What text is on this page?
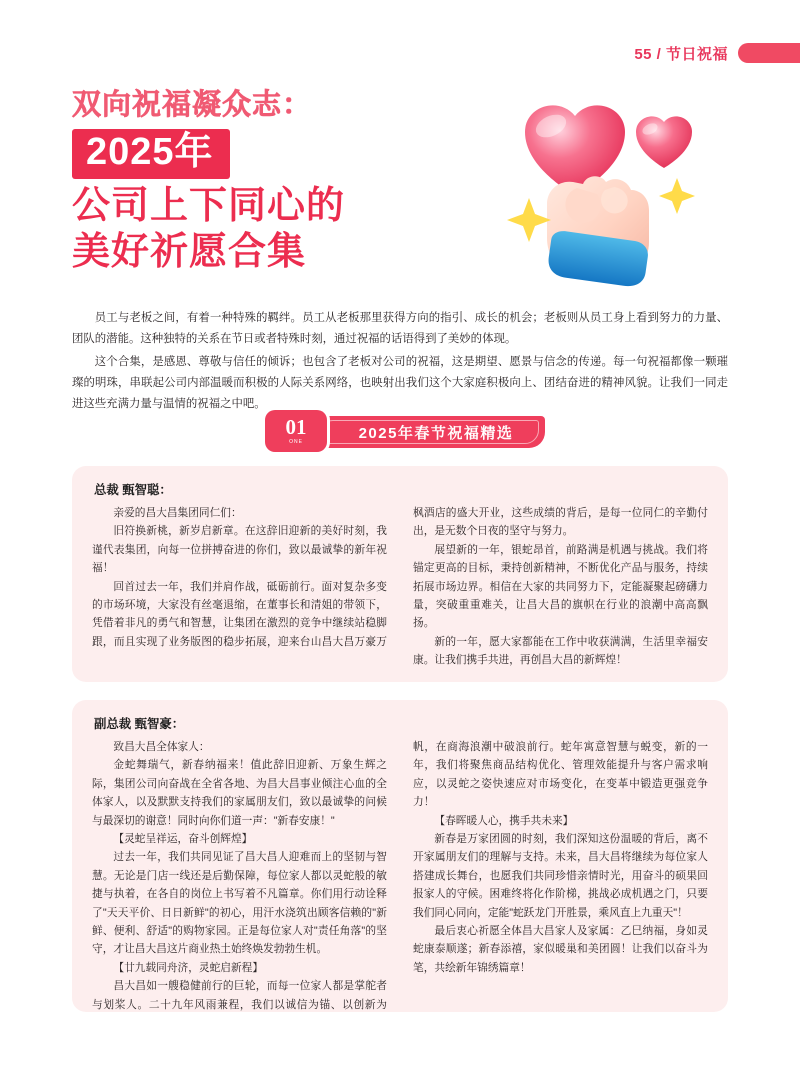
55 / 节日祝福
双向祝福凝众志：
2025年
公司上下同心的
美好祈愿合集

员工与老板之间，有着一种特殊的羁绊。员工从老板那里获得方向的指引、成长的机会；老板则从员工身上看到努力的力量、团队的潜能。这种独特的关系在节日或者特殊时刻，通过祝福的话语得到了美妙的体现。

这个合集，是感恩、尊敬与信任的倾诉；也包含了老板对公司的祝福，这是期望、愿景与信念的传递。每一句祝福都像一颗璀璨的明珠，串联起公司内部温暖而积极的人际关系网络，也映射出我们这个大家庭积极向上、团结奋进的精神风貌。让我们一同走进这些充满力量与温情的祝福之中吧。

2025年春节祝福精选
01
ONE
总裁 甄智聪：

亲爱的昌大昌集团同仁们：

旧符换新桃，新岁启新章。在这辞旧迎新的美好时刻，我谨代表集团，向每一位拼搏奋进的你们，致以最诚挚的新年祝福！

回首过去一年，我们并肩作战，砥砺前行。面对复杂多变的市场环境，大家没有丝毫退缩，在董事长和清姐的带领下，凭借着非凡的勇气和智慧，让集团在激烈的竞争中继续站稳脚跟，而且实现了业务版图的稳步拓展，迎来台山昌大昌万豪万枫酒店的盛大开业，这些成绩的背后，是每一位同仁的辛勤付出，是无数个日夜的坚守与努力。

展望新的一年，银蛇昂首，前路满是机遇与挑战。我们将锚定更高的目标，秉持创新精神，不断优化产品与服务，持续拓展市场边界。相信在大家的共同努力下，定能凝聚起磅礴力量，突破重重难关，让昌大昌的旗帜在行业的浪潮中高高飘扬。

新的一年，愿大家都能在工作中收获满满，生活里幸福安康。让我们携手共进，再创昌大昌的新辉煌！

副总裁 甄智豪：

致昌大昌全体家人：

金蛇舞瑞气，新春纳福来！值此辞旧迎新、万象生辉之际，集团公司向奋战在全省各地、为昌大昌事业倾注心血的全体家人，以及默默支持我们的家属朋友们，致以最诚挚的问候与最深切的谢意！同时向你们道一声："新春安康！"

【灵蛇呈祥运，奋斗创辉煌】

过去一年，我们共同见证了昌大昌人迎难而上的坚韧与智慧。无论是门店一线还是后勤保障，每位家人都以灵蛇般的敏捷与执着，在各自的岗位上书写着不凡篇章。你们用行动诠释了"天天平价、日日新鲜"的初心，用汗水浇筑出顾客信赖的"新鲜、便利、舒适"的购物家园。正是每位家人对"责任角落"的坚守，才让昌大昌这片商业热土始终焕发勃勃生机。

【廿九载同舟济，灵蛇启新程】

昌大昌如一艘稳健前行的巨轮，而每一位家人都是掌舵者与划桨人。二十九年风雨兼程，我们以诚信为锚、以创新为帆，在商海浪潮中破浪前行。蛇年寓意智慧与蜕变，新的一年，我们将聚焦商品结构优化、管理效能提升与客户需求响应，以灵蛇之姿快速应对市场变化，在变革中锻造更强竞争力！

【春晖暖人心，携手共未来】

新春是万家团圆的时刻，我们深知这份温暖的背后，离不开家属朋友们的理解与支持。未来，昌大昌将继续为每位家人搭建成长舞台，也愿我们共同珍惜亲情时光，用奋斗的硕果回报家人的守候。困难终将化作阶梯，挑战必成机遇之门，只要我们同心同向，定能"蛇跃龙门开胜景，乘风直上九重天"！

最后衷心祈愿全体昌大昌家人及家属：乙巳纳福，身如灵蛇康泰顺遂；新春添禧，家似暖巢和美团圆！让我们以奋斗为笔，共绘新年锦绣篇章！
